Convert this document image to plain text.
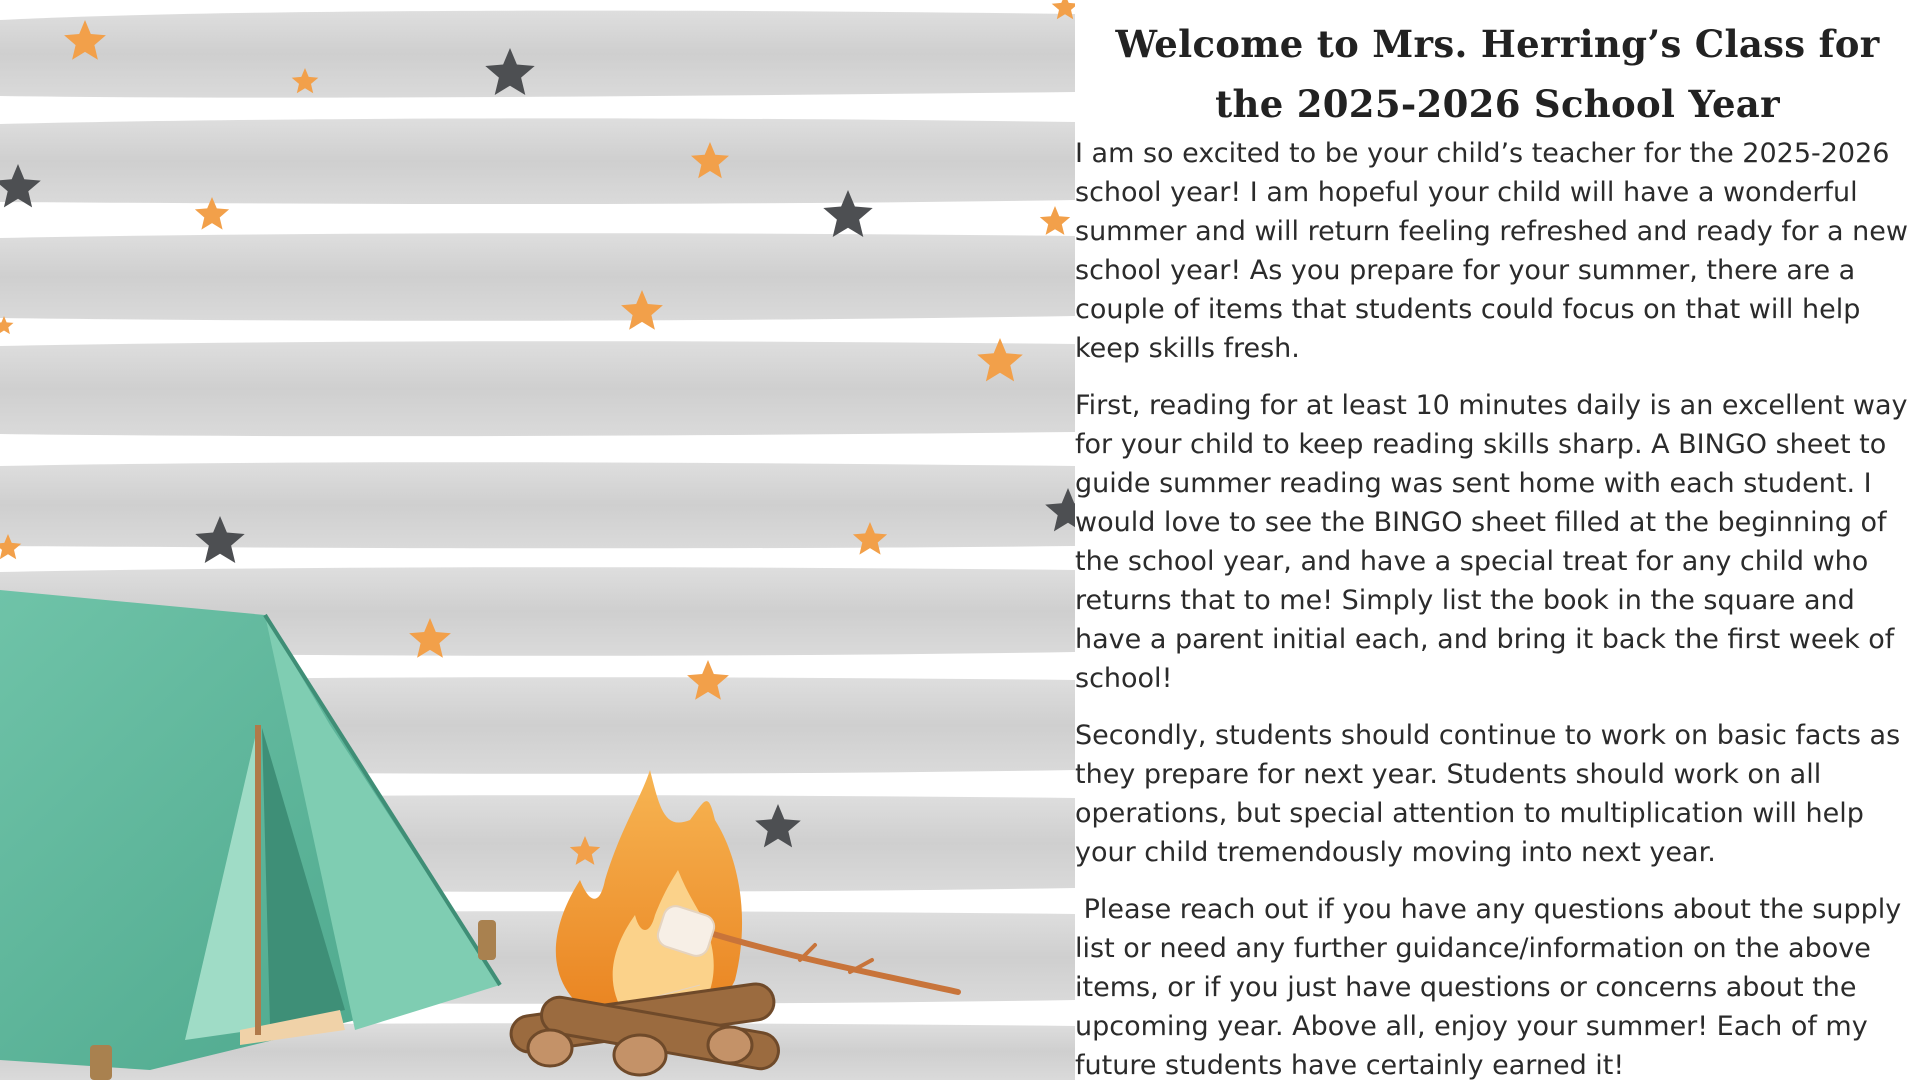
Welcome to Mrs. Herring’s Class for the 2025-2026 School Year

I am so excited to be your child’s teacher for the 2025-2026 school year! I am hopeful your child will have a wonderful summer and will return feeling refreshed and ready for a new school year! As you prepare for your summer, there are a couple of items that students could focus on that will help keep skills fresh.

First, reading for at least 10 minutes daily is an excellent way for your child to keep reading skills sharp. A BINGO sheet to guide summer reading was sent home with each student. I would love to see the BINGO sheet filled at the beginning of the school year, and have a special treat for any child who returns that to me! Simply list the book in the square and have a parent initial each, and bring it back the first week of school!

Secondly, students should continue to work on basic facts as they prepare for next year. Students should work on all operations, but special attention to multiplication will help your child tremendously moving into next year.

Please reach out if you have any questions about the supply list or need any further guidance/information on the above items, or if you just have questions or concerns about the upcoming year. Above all, enjoy your summer! Each of my future students have certainly earned it!
